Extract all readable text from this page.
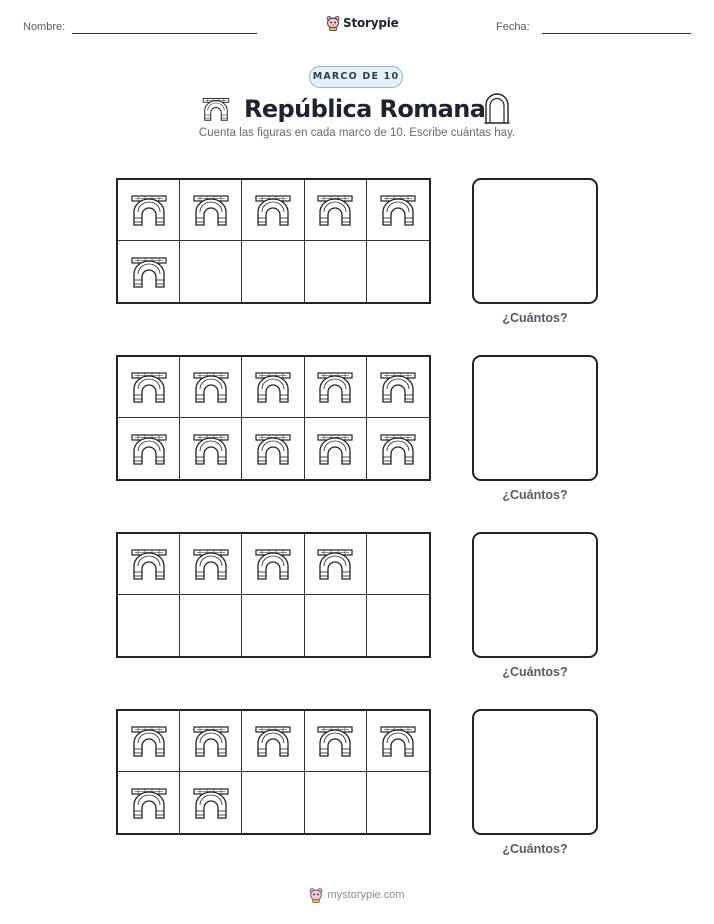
Nombre:	Storypie	Fecha:
MARCO DE 10
República Romana
Cuenta las figuras en cada marco de 10. Escribe cuántas hay.
¿Cuántos?
¿Cuántos?
¿Cuántos?
¿Cuántos?
mystorypie.com
